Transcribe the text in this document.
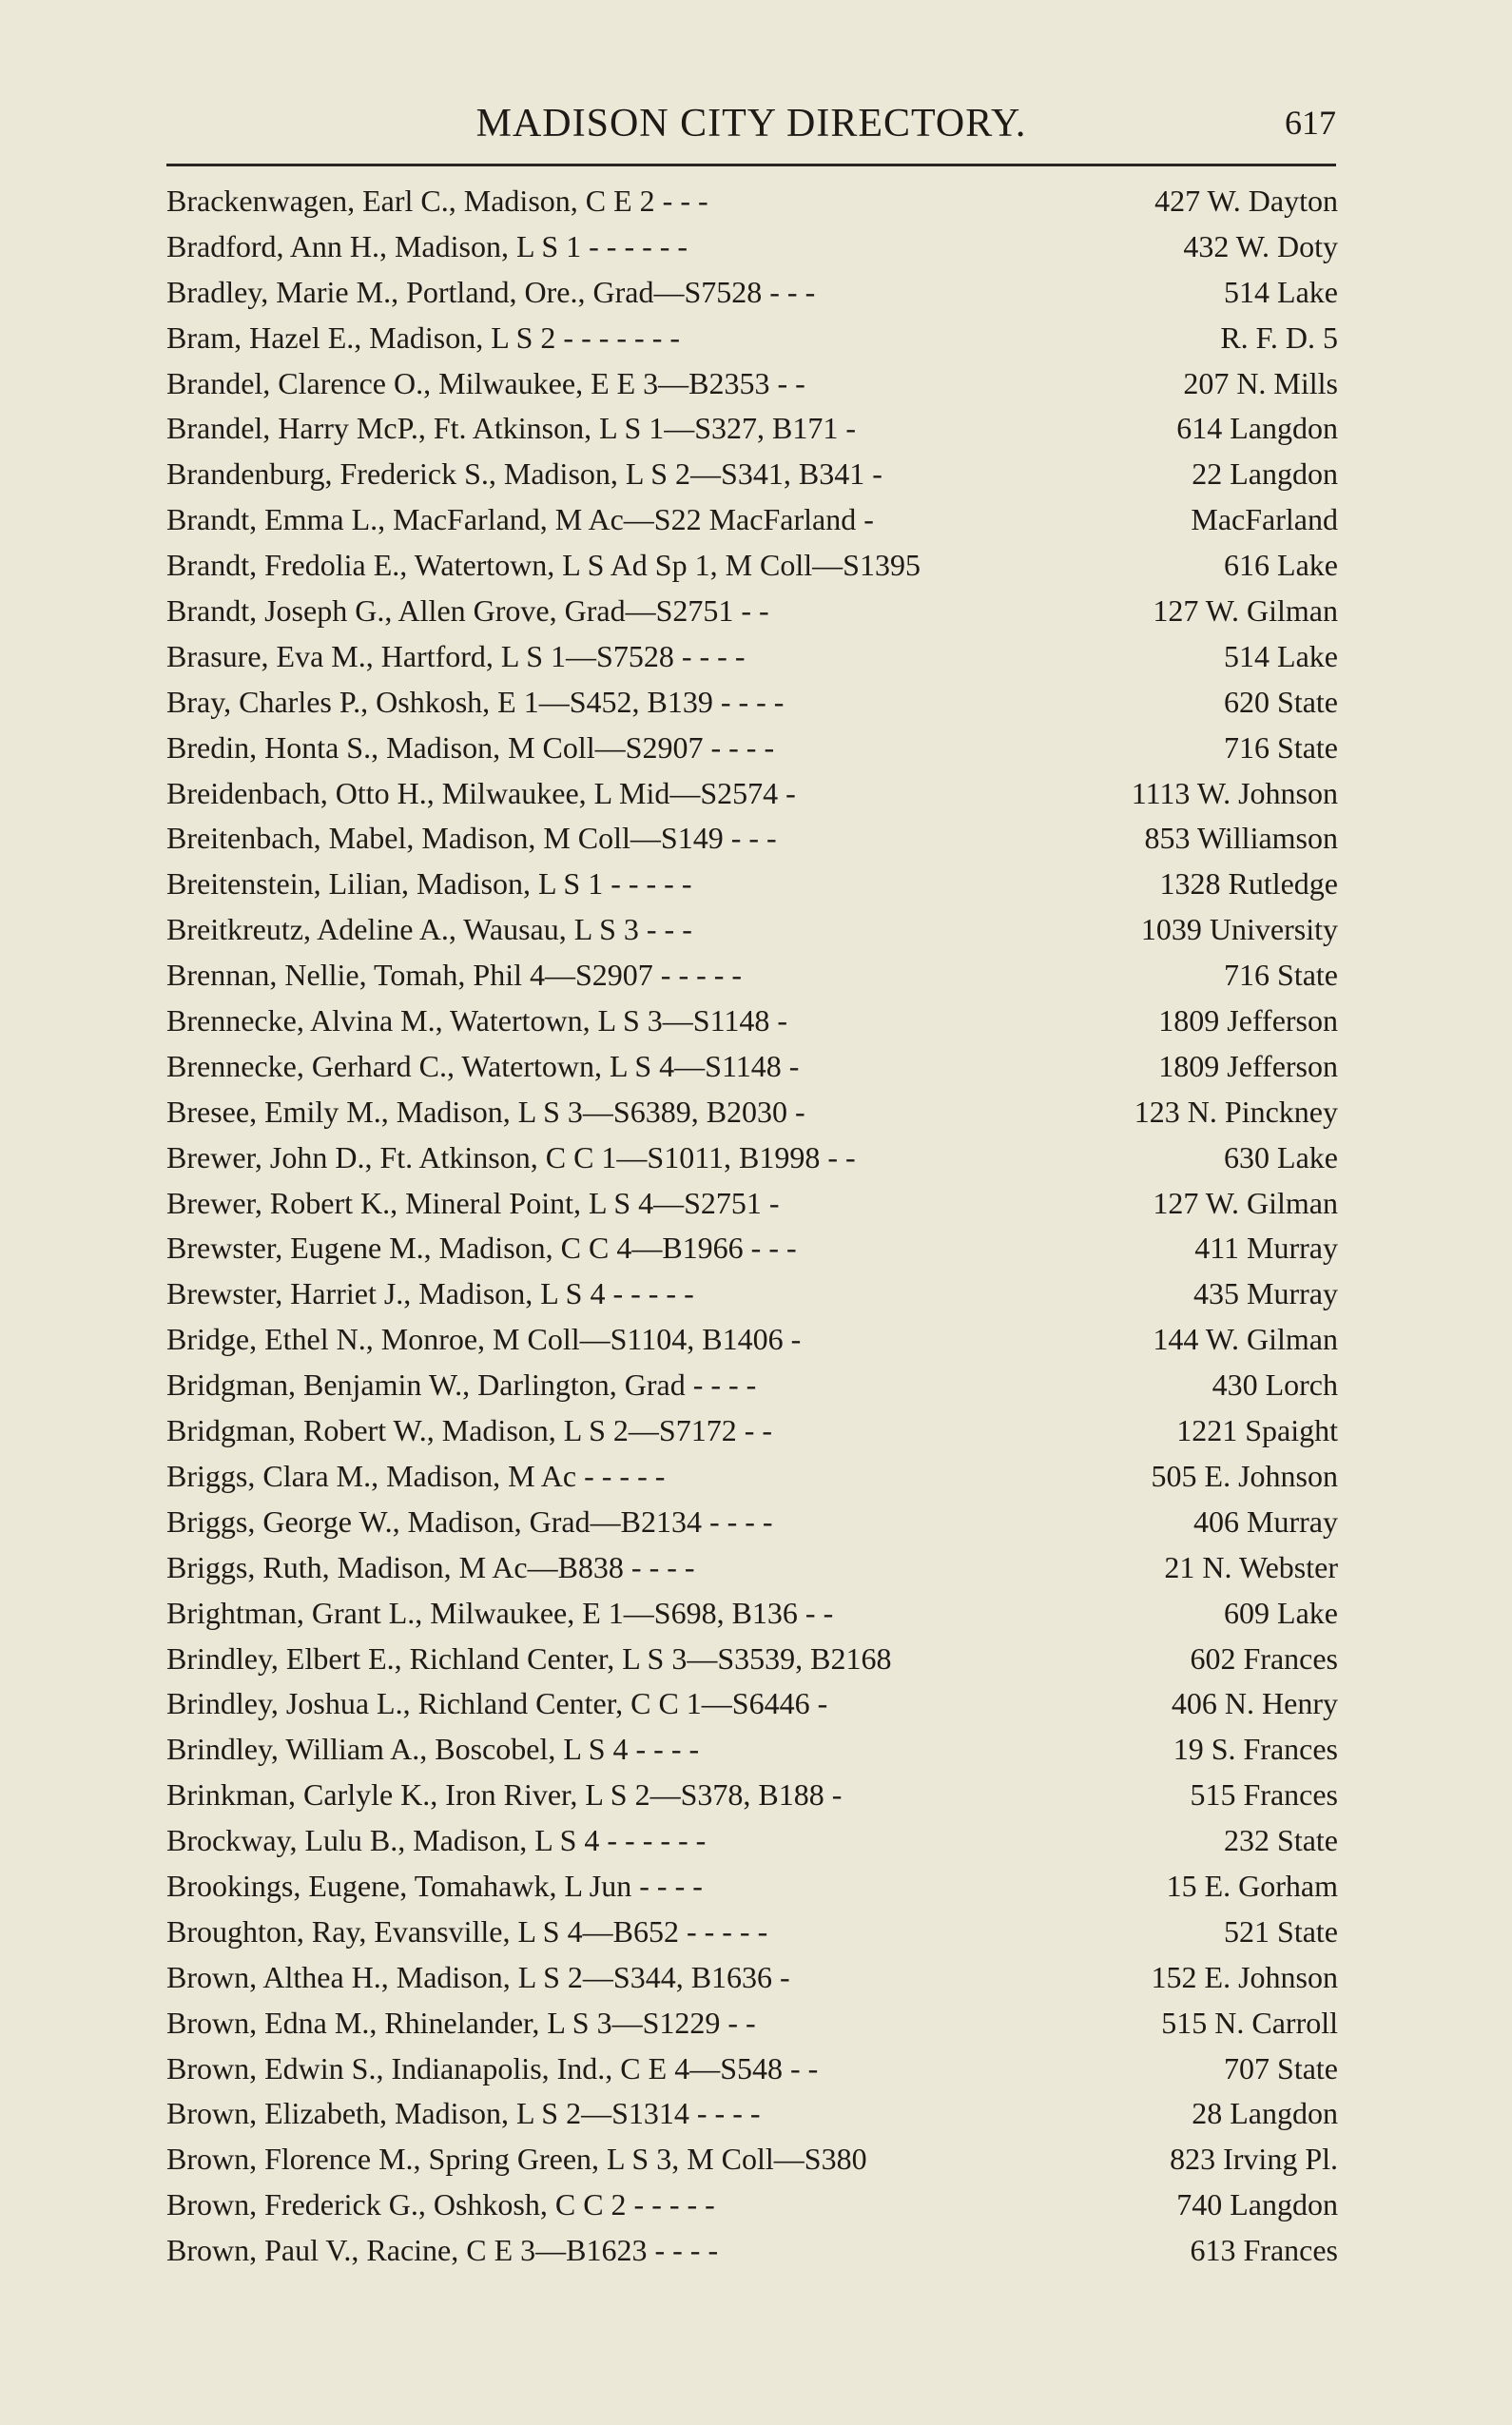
MADISON CITY DIRECTORY.	617
Brackenwagen, Earl C., Madison, C E 2 - - -	427 W. Dayton
Bradford, Ann H., Madison, L S 1 - - - - - -	432 W. Doty
Bradley, Marie M., Portland, Ore., Grad—S7528 - - -	514 Lake
Bram, Hazel E., Madison, L S 2 - - - - - - -	R. F. D. 5
Brandel, Clarence O., Milwaukee, E E 3—B2353 - -	207 N. Mills
Brandel, Harry McP., Ft. Atkinson, L S 1—S327, B171 -	614 Langdon
Brandenburg, Frederick S., Madison, L S 2—S341, B341 -	22 Langdon
Brandt, Emma L., MacFarland, M Ac—S22 MacFarland -	MacFarland
Brandt, Fredolia E., Watertown, L S Ad Sp 1, M Coll—S1395	616 Lake
Brandt, Joseph G., Allen Grove, Grad—S2751 - -	127 W. Gilman
Brasure, Eva M., Hartford, L S 1—S7528 - - - -	514 Lake
Bray, Charles P., Oshkosh, E 1—S452, B139 - - - -	620 State
Bredin, Honta S., Madison, M Coll—S2907 - - - -	716 State
Breidenbach, Otto H., Milwaukee, L Mid—S2574 -	1113 W. Johnson
Breitenbach, Mabel, Madison, M Coll—S149 - - -	853 Williamson
Breitenstein, Lilian, Madison, L S 1 - - - - -	1328 Rutledge
Breitkreutz, Adeline A., Wausau, L S 3 - - -	1039 University
Brennan, Nellie, Tomah, Phil 4—S2907 - - - - -	716 State
Brennecke, Alvina M., Watertown, L S 3—S1148 -	1809 Jefferson
Brennecke, Gerhard C., Watertown, L S 4—S1148 -	1809 Jefferson
Bresee, Emily M., Madison, L S 3—S6389, B2030 -	123 N. Pinckney
Brewer, John D., Ft. Atkinson, C C 1—S1011, B1998 - -	630 Lake
Brewer, Robert K., Mineral Point, L S 4—S2751 -	127 W. Gilman
Brewster, Eugene M., Madison, C C 4—B1966 - - -	411 Murray
Brewster, Harriet J., Madison, L S 4 - - - - -	435 Murray
Bridge, Ethel N., Monroe, M Coll—S1104, B1406 -	144 W. Gilman
Bridgman, Benjamin W., Darlington, Grad - - - -	430 Lorch
Bridgman, Robert W., Madison, L S 2—S7172 - -	1221 Spaight
Briggs, Clara M., Madison, M Ac - - - - -	505 E. Johnson
Briggs, George W., Madison, Grad—B2134 - - - -	406 Murray
Briggs, Ruth, Madison, M Ac—B838 - - - -	21 N. Webster
Brightman, Grant L., Milwaukee, E 1—S698, B136 - -	609 Lake
Brindley, Elbert E., Richland Center, L S 3—S3539, B2168	602 Frances
Brindley, Joshua L., Richland Center, C C 1—S6446 -	406 N. Henry
Brindley, William A., Boscobel, L S 4 - - - -	19 S. Frances
Brinkman, Carlyle K., Iron River, L S 2—S378, B188 -	515 Frances
Brockway, Lulu B., Madison, L S 4 - - - - - -	232 State
Brookings, Eugene, Tomahawk, L Jun - - - -	15 E. Gorham
Broughton, Ray, Evansville, L S 4—B652 - - - - -	521 State
Brown, Althea H., Madison, L S 2—S344, B1636 -	152 E. Johnson
Brown, Edna M., Rhinelander, L S 3—S1229 - -	515 N. Carroll
Brown, Edwin S., Indianapolis, Ind., C E 4—S548 - -	707 State
Brown, Elizabeth, Madison, L S 2—S1314 - - - -	28 Langdon
Brown, Florence M., Spring Green, L S 3, M Coll—S380	823 Irving Pl.
Brown, Frederick G., Oshkosh, C C 2 - - - - -	740 Langdon
Brown, Paul V., Racine, C E 3—B1623 - - - -	613 Frances
